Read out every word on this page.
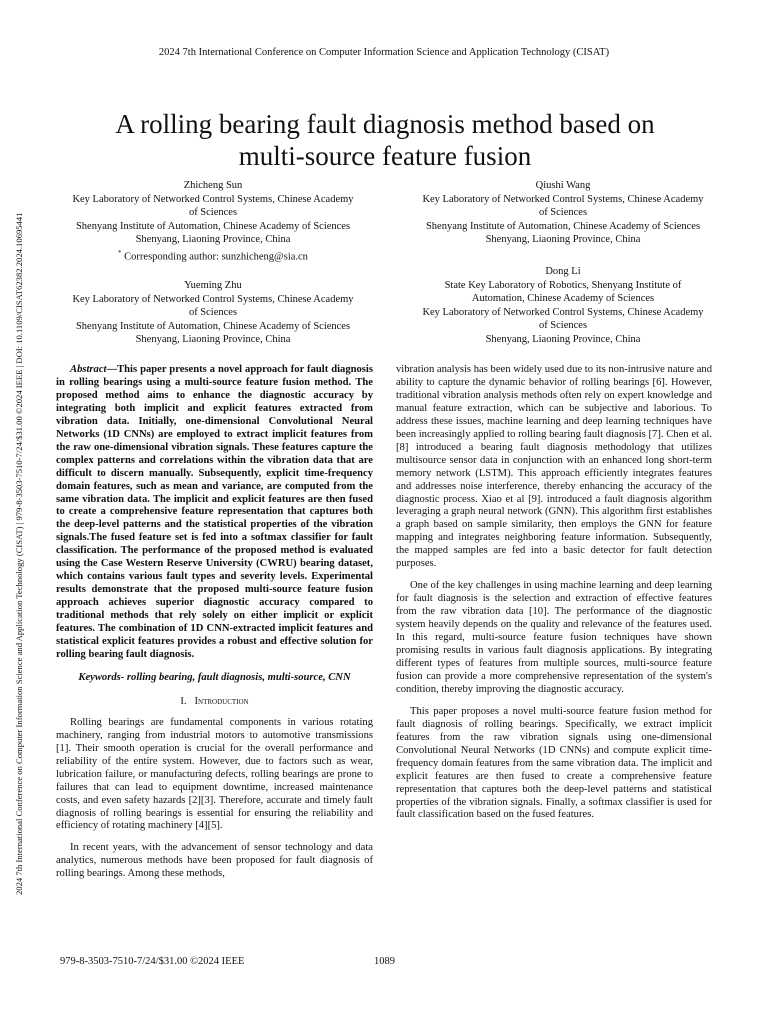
2024 7th International Conference on Computer Information Science and Application Technology (CISAT)
2024 7th International Conference on Computer Information Science and Application Technology (CISAT) | 979-8-3503-7510-7/24/$31.00 ©2024 IEEE | DOI: 10.1109/CISAT62382.2024.10695441
A rolling bearing fault diagnosis method based on
multi-source feature fusion
Zhicheng Sun
Key Laboratory of Networked Control Systems, Chinese Academy
of Sciences
Shenyang Institute of Automation, Chinese Academy of Sciences
Shenyang, Liaoning Province, China
* Corresponding author: sunzhicheng@sia.cn
Qiushi Wang
Key Laboratory of Networked Control Systems, Chinese Academy
of Sciences
Shenyang Institute of Automation, Chinese Academy of Sciences
Shenyang, Liaoning Province, China
Yueming Zhu
Key Laboratory of Networked Control Systems, Chinese Academy
of Sciences
Shenyang Institute of Automation, Chinese Academy of Sciences
Shenyang, Liaoning Province, China
Dong Li
State Key Laboratory of Robotics, Shenyang Institute of
Automation, Chinese Academy of Sciences
Key Laboratory of Networked Control Systems, Chinese Academy
of Sciences
Shenyang, Liaoning Province, China
Abstract—This paper presents a novel approach for fault diagnosis in rolling bearings using a multi-source feature fusion method. The proposed method aims to enhance the diagnostic accuracy by integrating both implicit and explicit features extracted from vibration data. Initially, one-dimensional Convolutional Neural Networks (1D CNNs) are employed to extract implicit features from the raw one-dimensional vibration signals. These features capture the complex patterns and correlations within the vibration data that are difficult to discern manually. Subsequently, explicit time-frequency domain features, such as mean and variance, are computed from the same vibration data. The implicit and explicit features are then fused to create a comprehensive feature representation that captures both the deep-level patterns and the statistical properties of the vibration signals.The fused feature set is fed into a softmax classifier for fault classification. The performance of the proposed method is evaluated using the Case Western Reserve University (CWRU) bearing dataset, which contains various fault types and severity levels. Experimental results demonstrate that the proposed multi-source feature fusion approach achieves superior diagnostic accuracy compared to traditional methods that rely solely on either implicit or explicit features. The combination of 1D CNN-extracted implicit features and statistical explicit features provides a robust and effective solution for rolling bearing fault diagnosis.
Keywords- rolling bearing, fault diagnosis, multi-source, CNN
I. Introduction
Rolling bearings are fundamental components in various rotating machinery, ranging from industrial motors to automotive transmissions [1]. Their smooth operation is crucial for the overall performance and reliability of the entire system. However, due to factors such as wear, lubrication failure, or manufacturing defects, rolling bearings are prone to failures that can lead to equipment downtime, increased maintenance costs, and even safety hazards [2][3]. Therefore, accurate and timely fault diagnosis of rolling bearings is essential for ensuring the reliability and efficiency of rotating machinery [4][5].
In recent years, with the advancement of sensor technology and data analytics, numerous methods have been proposed for fault diagnosis of rolling bearings. Among these methods,
vibration analysis has been widely used due to its non-intrusive nature and ability to capture the dynamic behavior of rolling bearings [6]. However, traditional vibration analysis methods often rely on expert knowledge and manual feature extraction, which can be subjective and laborious. To address these issues, machine learning and deep learning techniques have been increasingly applied to rolling bearing fault diagnosis [7]. Chen et al. [8] introduced a bearing fault diagnosis methodology that utilizes multisource sensor data in conjunction with an enhanced long short-term memory network (LSTM). This approach efficiently integrates features and addresses noise interference, thereby enhancing the accuracy of the diagnostic process. Xiao et al [9]. introduced a fault diagnosis algorithm leveraging a graph neural network (GNN). This algorithm first establishes a graph based on sample similarity, then employs the GNN for feature mapping and integrates neighboring feature information. Subsequently, the mapped samples are fed into a basic detector for fault detection purposes.
One of the key challenges in using machine learning and deep learning for fault diagnosis is the selection and extraction of effective features from the raw vibration data [10]. The performance of the diagnostic system heavily depends on the quality and relevance of the features used. In this regard, multi-source feature fusion techniques have shown promising results in various fault diagnosis applications. By integrating different types of features from multiple sources, multi-source feature fusion can provide a more comprehensive representation of the system's condition, thereby improving the diagnostic accuracy.
This paper proposes a novel multi-source feature fusion method for fault diagnosis of rolling bearings. Specifically, we extract implicit features from the raw vibration signals using one-dimensional Convolutional Neural Networks (1D CNNs) and compute explicit time-frequency domain features from the same vibration data. The implicit and explicit features are then fused to create a comprehensive feature representation that captures both the deep-level patterns and statistical properties of the vibration signals. Finally, a softmax classifier is used for fault classification based on the fused features.
979-8-3503-7510-7/24/$31.00 ©2024 IEEE	1089
